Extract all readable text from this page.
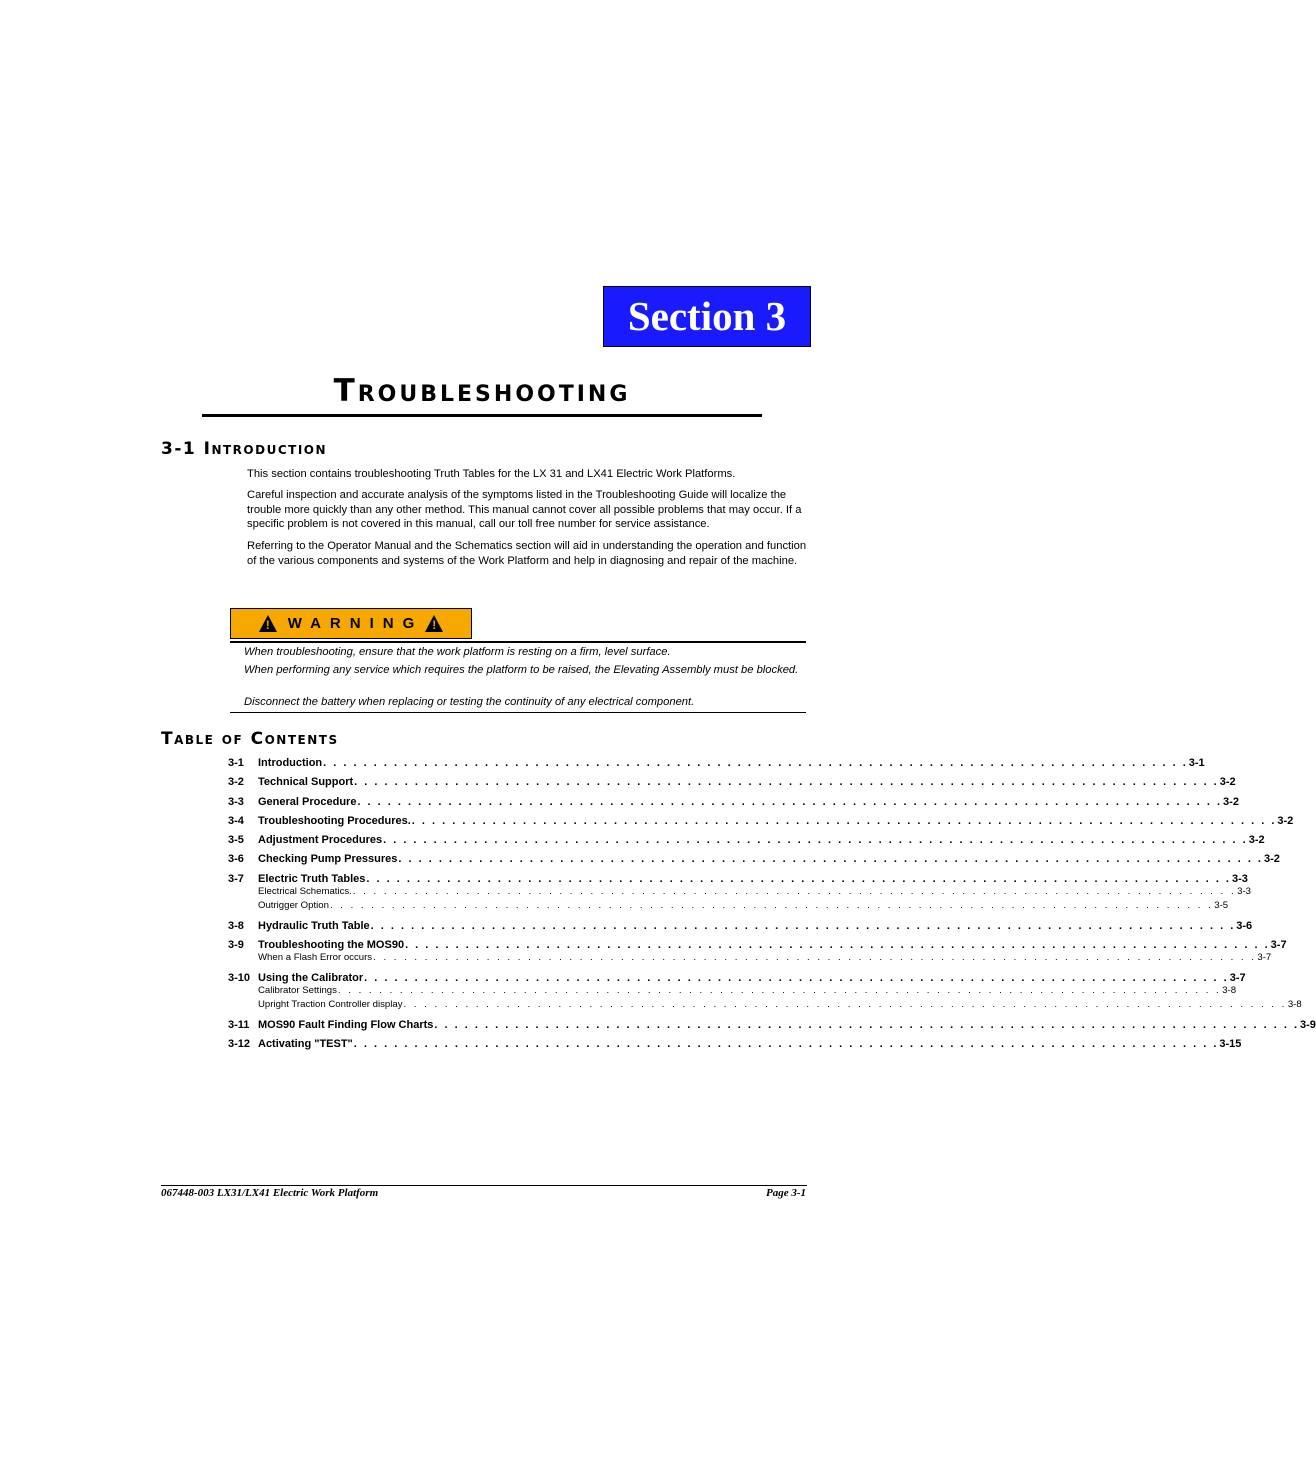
Section 3
Troubleshooting
3-1 Introduction
This section contains troubleshooting Truth Tables for the LX 31 and LX41 Electric Work Platforms.
Careful inspection and accurate analysis of the symptoms listed in the Troubleshooting Guide will localize the trouble more quickly than any other method. This manual cannot cover all possible problems that may occur. If a specific problem is not covered in this manual, call our toll free number for service assistance.
Referring to the Operator Manual and the Schematics section will aid in understanding the operation and function of the various components and systems of the Work Platform and help in diagnosing and repair of the machine.
! WARNING !
When troubleshooting, ensure that the work platform is resting on a firm, level surface.
When performing any service which requires the platform to be raised, the Elevating Assembly must be blocked.
Disconnect the battery when replacing or testing the continuity of any electrical component.
Table of Contents
3-1	Introduction . . . . . . . . . . . . . . . . . . . . . . . . . . . . . . . . . . . . . . . . . . . . . . . . . . . . . . . . . . . . . . . . . . . . . . . . . . . . . . . . . . . . . . 3-1
3-2	Technical Support . . . . . . . . . . . . . . . . . . . . . . . . . . . . . . . . . . . . . . . . . . . . . . . . . . . . . . . . . . . . . . . . . . . . . . . . . . . . . . . . . . . . . . 3-2
3-3	General Procedure . . . . . . . . . . . . . . . . . . . . . . . . . . . . . . . . . . . . . . . . . . . . . . . . . . . . . . . . . . . . . . . . . . . . . . . . . . . . . . . . . . . . . . 3-2
3-4	Troubleshooting Procedures. . . . . . . . . . . . . . . . . . . . . . . . . . . . . . . . . . . . . . . . . . . . . . . . . . . . . . . . . . . . . . . . . . . . . . . . . . . . . . . . . . . . . . . 3-2
3-5	Adjustment Procedures . . . . . . . . . . . . . . . . . . . . . . . . . . . . . . . . . . . . . . . . . . . . . . . . . . . . . . . . . . . . . . . . . . . . . . . . . . . . . . . . . . . . . . 3-2
3-6	Checking Pump Pressures . . . . . . . . . . . . . . . . . . . . . . . . . . . . . . . . . . . . . . . . . . . . . . . . . . . . . . . . . . . . . . . . . . . . . . . . . . . . . . . . . . . . . . 3-2
3-7	Electric Truth Tables . . . . . . . . . . . . . . . . . . . . . . . . . . . . . . . . . . . . . . . . . . . . . . . . . . . . . . . . . . . . . . . . . . . . . . . . . . . . . . . . . . . . . . 3-3
Electrical Schematics. . . . . . . . . . . . . . . . . . . . . . . . . . . . . . . . . . . . . . . . . . . . . . . . . . . . . . . . . . . . . . . . . . . . . . . . . . . . . . . . . . . . . . . 3-3
Outrigger Option . . . . . . . . . . . . . . . . . . . . . . . . . . . . . . . . . . . . . . . . . . . . . . . . . . . . . . . . . . . . . . . . . . . . . . . . . . . . . . . . . . . . . . 3-5
3-8	Hydraulic Truth Table . . . . . . . . . . . . . . . . . . . . . . . . . . . . . . . . . . . . . . . . . . . . . . . . . . . . . . . . . . . . . . . . . . . . . . . . . . . . . . . . . . . . . . 3-6
3-9	Troubleshooting the MOS90 . . . . . . . . . . . . . . . . . . . . . . . . . . . . . . . . . . . . . . . . . . . . . . . . . . . . . . . . . . . . . . . . . . . . . . . . . . . . . . . . . . . . . . 3-7
When a Flash Error occurs . . . . . . . . . . . . . . . . . . . . . . . . . . . . . . . . . . . . . . . . . . . . . . . . . . . . . . . . . . . . . . . . . . . . . . . . . . . . . . . . . . . . . . 3-7
3-10 Using the Calibrator . . . . . . . . . . . . . . . . . . . . . . . . . . . . . . . . . . . . . . . . . . . . . . . . . . . . . . . . . . . . . . . . . . . . . . . . . . . . . . . . . . . . . . 3-7
Calibrator Settings . . . . . . . . . . . . . . . . . . . . . . . . . . . . . . . . . . . . . . . . . . . . . . . . . . . . . . . . . . . . . . . . . . . . . . . . . . . . . . . . . . . . . . 3-8
Upright Traction Controller display . . . . . . . . . . . . . . . . . . . . . . . . . . . . . . . . . . . . . . . . . . . . . . . . . . . . . . . . . . . . . . . . . . . . . . . . . . . . . . . . . . . . . . 3-8
3-11 MOS90 Fault Finding Flow Charts . . . . . . . . . . . . . . . . . . . . . . . . . . . . . . . . . . . . . . . . . . . . . . . . . . . . . . . . . . . . . . . . . . . . . . . . . . . . . . . . . . . . . . 3-9
3-12 Activating "TEST" . . . . . . . . . . . . . . . . . . . . . . . . . . . . . . . . . . . . . . . . . . . . . . . . . . . . . . . . . . . . . . . . . . . . . . . . . . . . . . . . . . . . . . 3-15
067448-003 LX31/LX41 Electric Work Platform	Page 3-1
